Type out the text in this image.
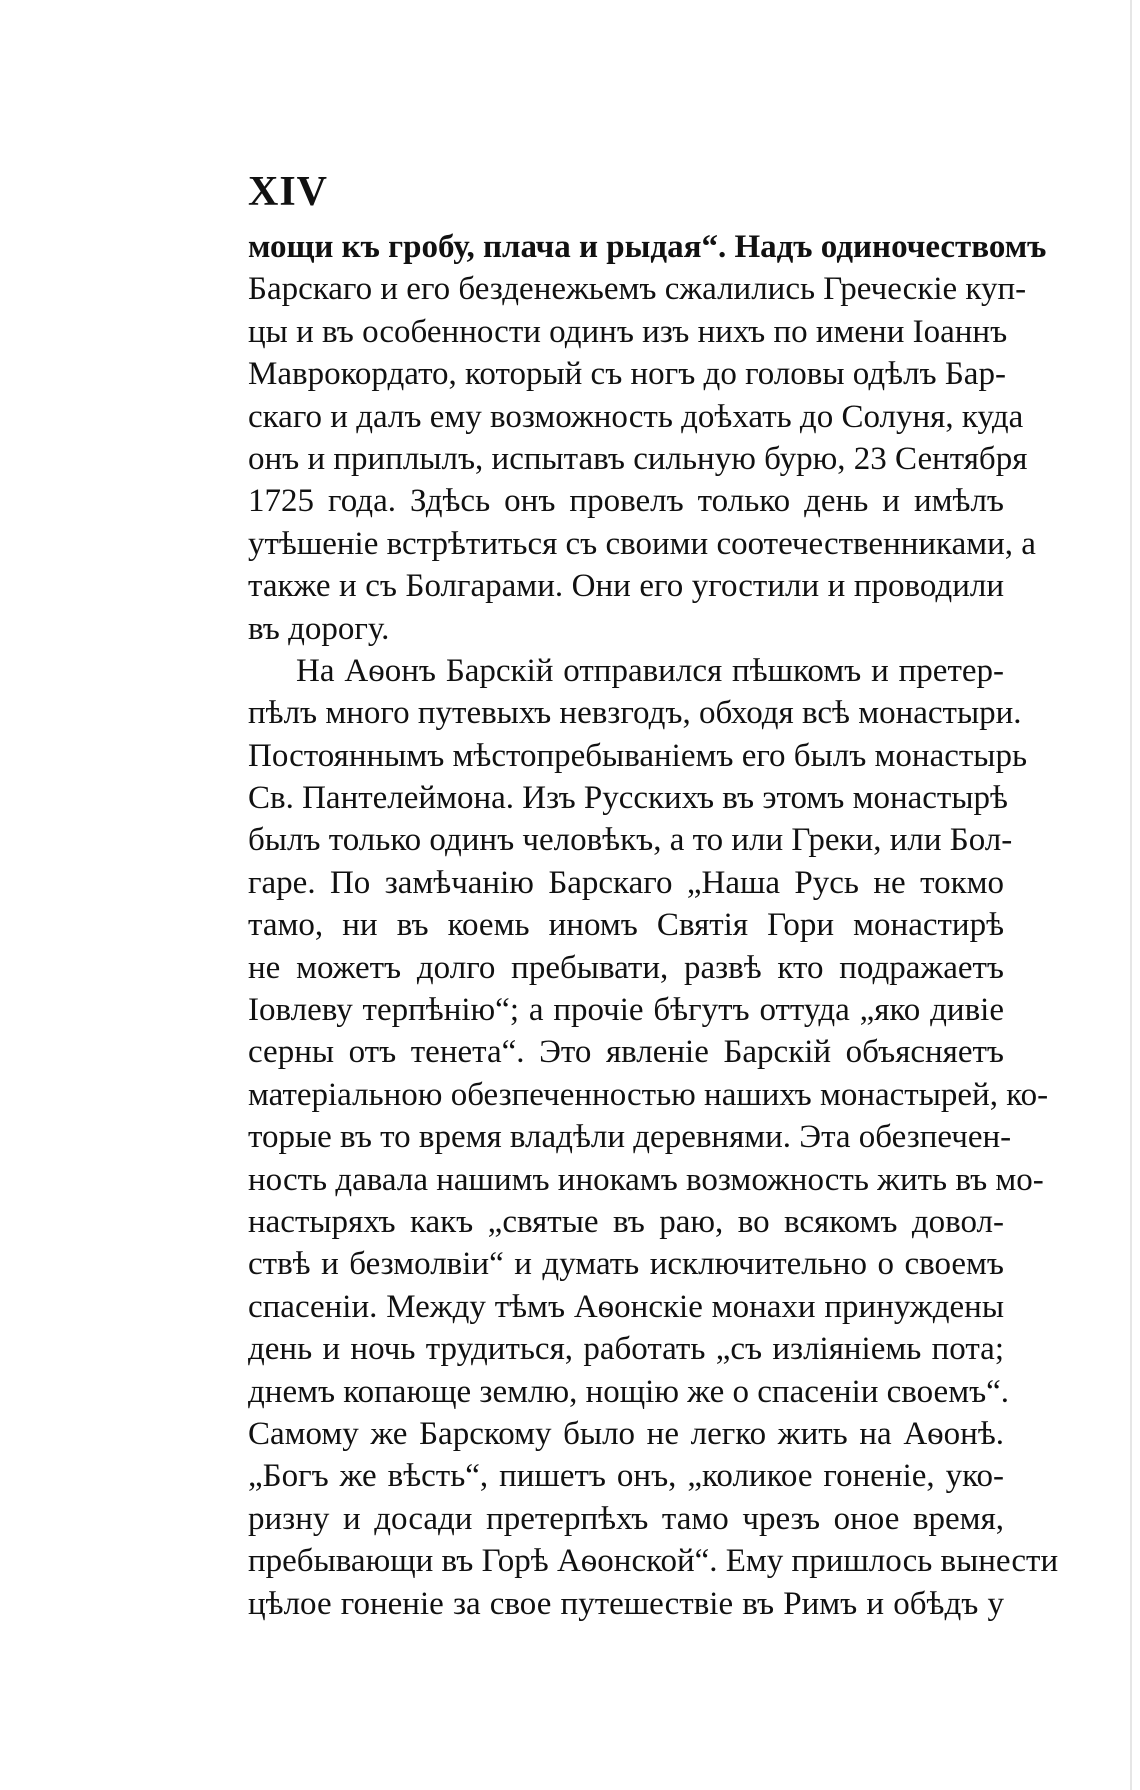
XIV
мощи къ гробу, плача и рыдая“. Надъ одиночествомъ
Барскаго и его безденежьемъ сжалились Греческіе куп-
цы и въ особенности одинъ изъ нихъ по имени Іоаннъ
Маврокордато, который съ ногъ до головы одѣлъ Бар-
скаго и далъ ему возможность доѣхать до Солуня, куда
онъ и приплылъ, испытавъ сильную бурю, 23 Сентября
1725 года. Здѣсь онъ провелъ только день и имѣлъ
утѣшеніе встрѣтиться съ своими соотечественниками, а
также и съ Болгарами. Они его угостили и проводили
въ дорогу.
На Аѳонъ Барскій отправился пѣшкомъ и претер-
пѣлъ много путевыхъ невзгодъ, обходя всѣ монастыри.
Постояннымъ мѣстопребываніемъ его былъ монастырь
Св. Пантелеймона. Изъ Русскихъ въ этомъ монастырѣ
былъ только одинъ человѣкъ, а то или Греки, или Бол-
гаре. По замѣчанію Барскаго „Наша Русь не токмо
тамо, ни въ коемь иномъ Святія Гори монастирѣ
не можетъ долго пребывати, развѣ кто подражаетъ
Іовлеву терпѣнію“; а прочіе бѣгутъ оттуда „яко дивіе
серны отъ тенета“. Это явленіе Барскій объясняетъ
матеріальною обезпеченностью нашихъ монастырей, ко-
торые въ то время владѣли деревнями. Эта обезпечен-
ность давала нашимъ инокамъ возможность жить въ мо-
настыряхъ какъ „святые въ раю, во всякомъ довол-
ствѣ и безмолвіи“ и думать исключительно о своемъ
спасеніи. Между тѣмъ Аѳонскіе монахи принуждены
день и ночь трудиться, работать „съ изліяніемь пота;
днемъ копающе землю, нощію же о спасеніи своемъ“.
Самому же Барскому было не легко жить на Аѳонѣ.
„Богъ же вѣсть“, пишетъ онъ, „коликое гоненіе, уко-
ризну и досади претерпѣхъ тамо чрезъ оное время,
пребывающи въ Горѣ Аѳонской“. Ему пришлось вынести
цѣлое гоненіе за свое путешествіе въ Римъ и обѣдъ у
